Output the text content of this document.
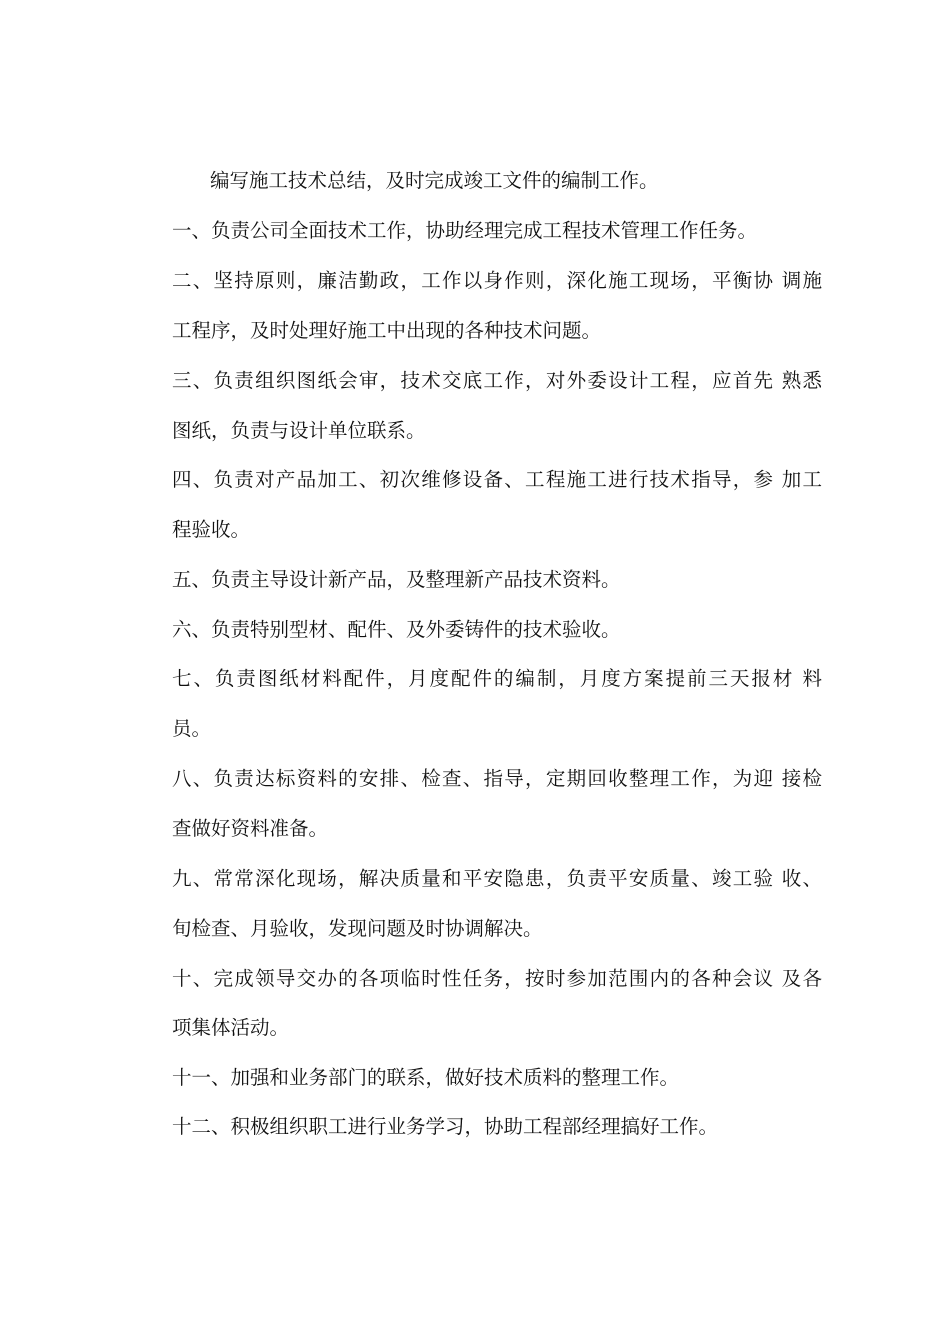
编写施工技术总结，及时完成竣工文件的编制工作。
一、负责公司全面技术工作，协助经理完成工程技术管理工作任务。
二、坚持原则，廉洁勤政，工作以身作则，深化施工现场，平衡协 调施
工程序，及时处理好施工中出现的各种技术问题。
三、负责组织图纸会审，技术交底工作，对外委设计工程，应首先 熟悉
图纸，负责与设计单位联系。
四、负责对产品加工、初次维修设备、工程施工进行技术指导，参 加工
程验收。
五、负责主导设计新产品，及整理新产品技术资料。
六、负责特别型材、配件、及外委铸件的技术验收。
七、负责图纸材料配件，月度配件的编制，月度方案提前三天报材 料
员。
八、负责达标资料的安排、检查、指导，定期回收整理工作，为迎 接检
查做好资料准备。
九、常常深化现场，解决质量和平安隐患，负责平安质量、竣工验 收、
旬检查、月验收，发现问题及时协调解决。
十、完成领导交办的各项临时性任务，按时参加范围内的各种会议 及各
项集体活动。
十一、加强和业务部门的联系，做好技术质料的整理工作。
十二、积极组织职工进行业务学习，协助工程部经理搞好工作。
